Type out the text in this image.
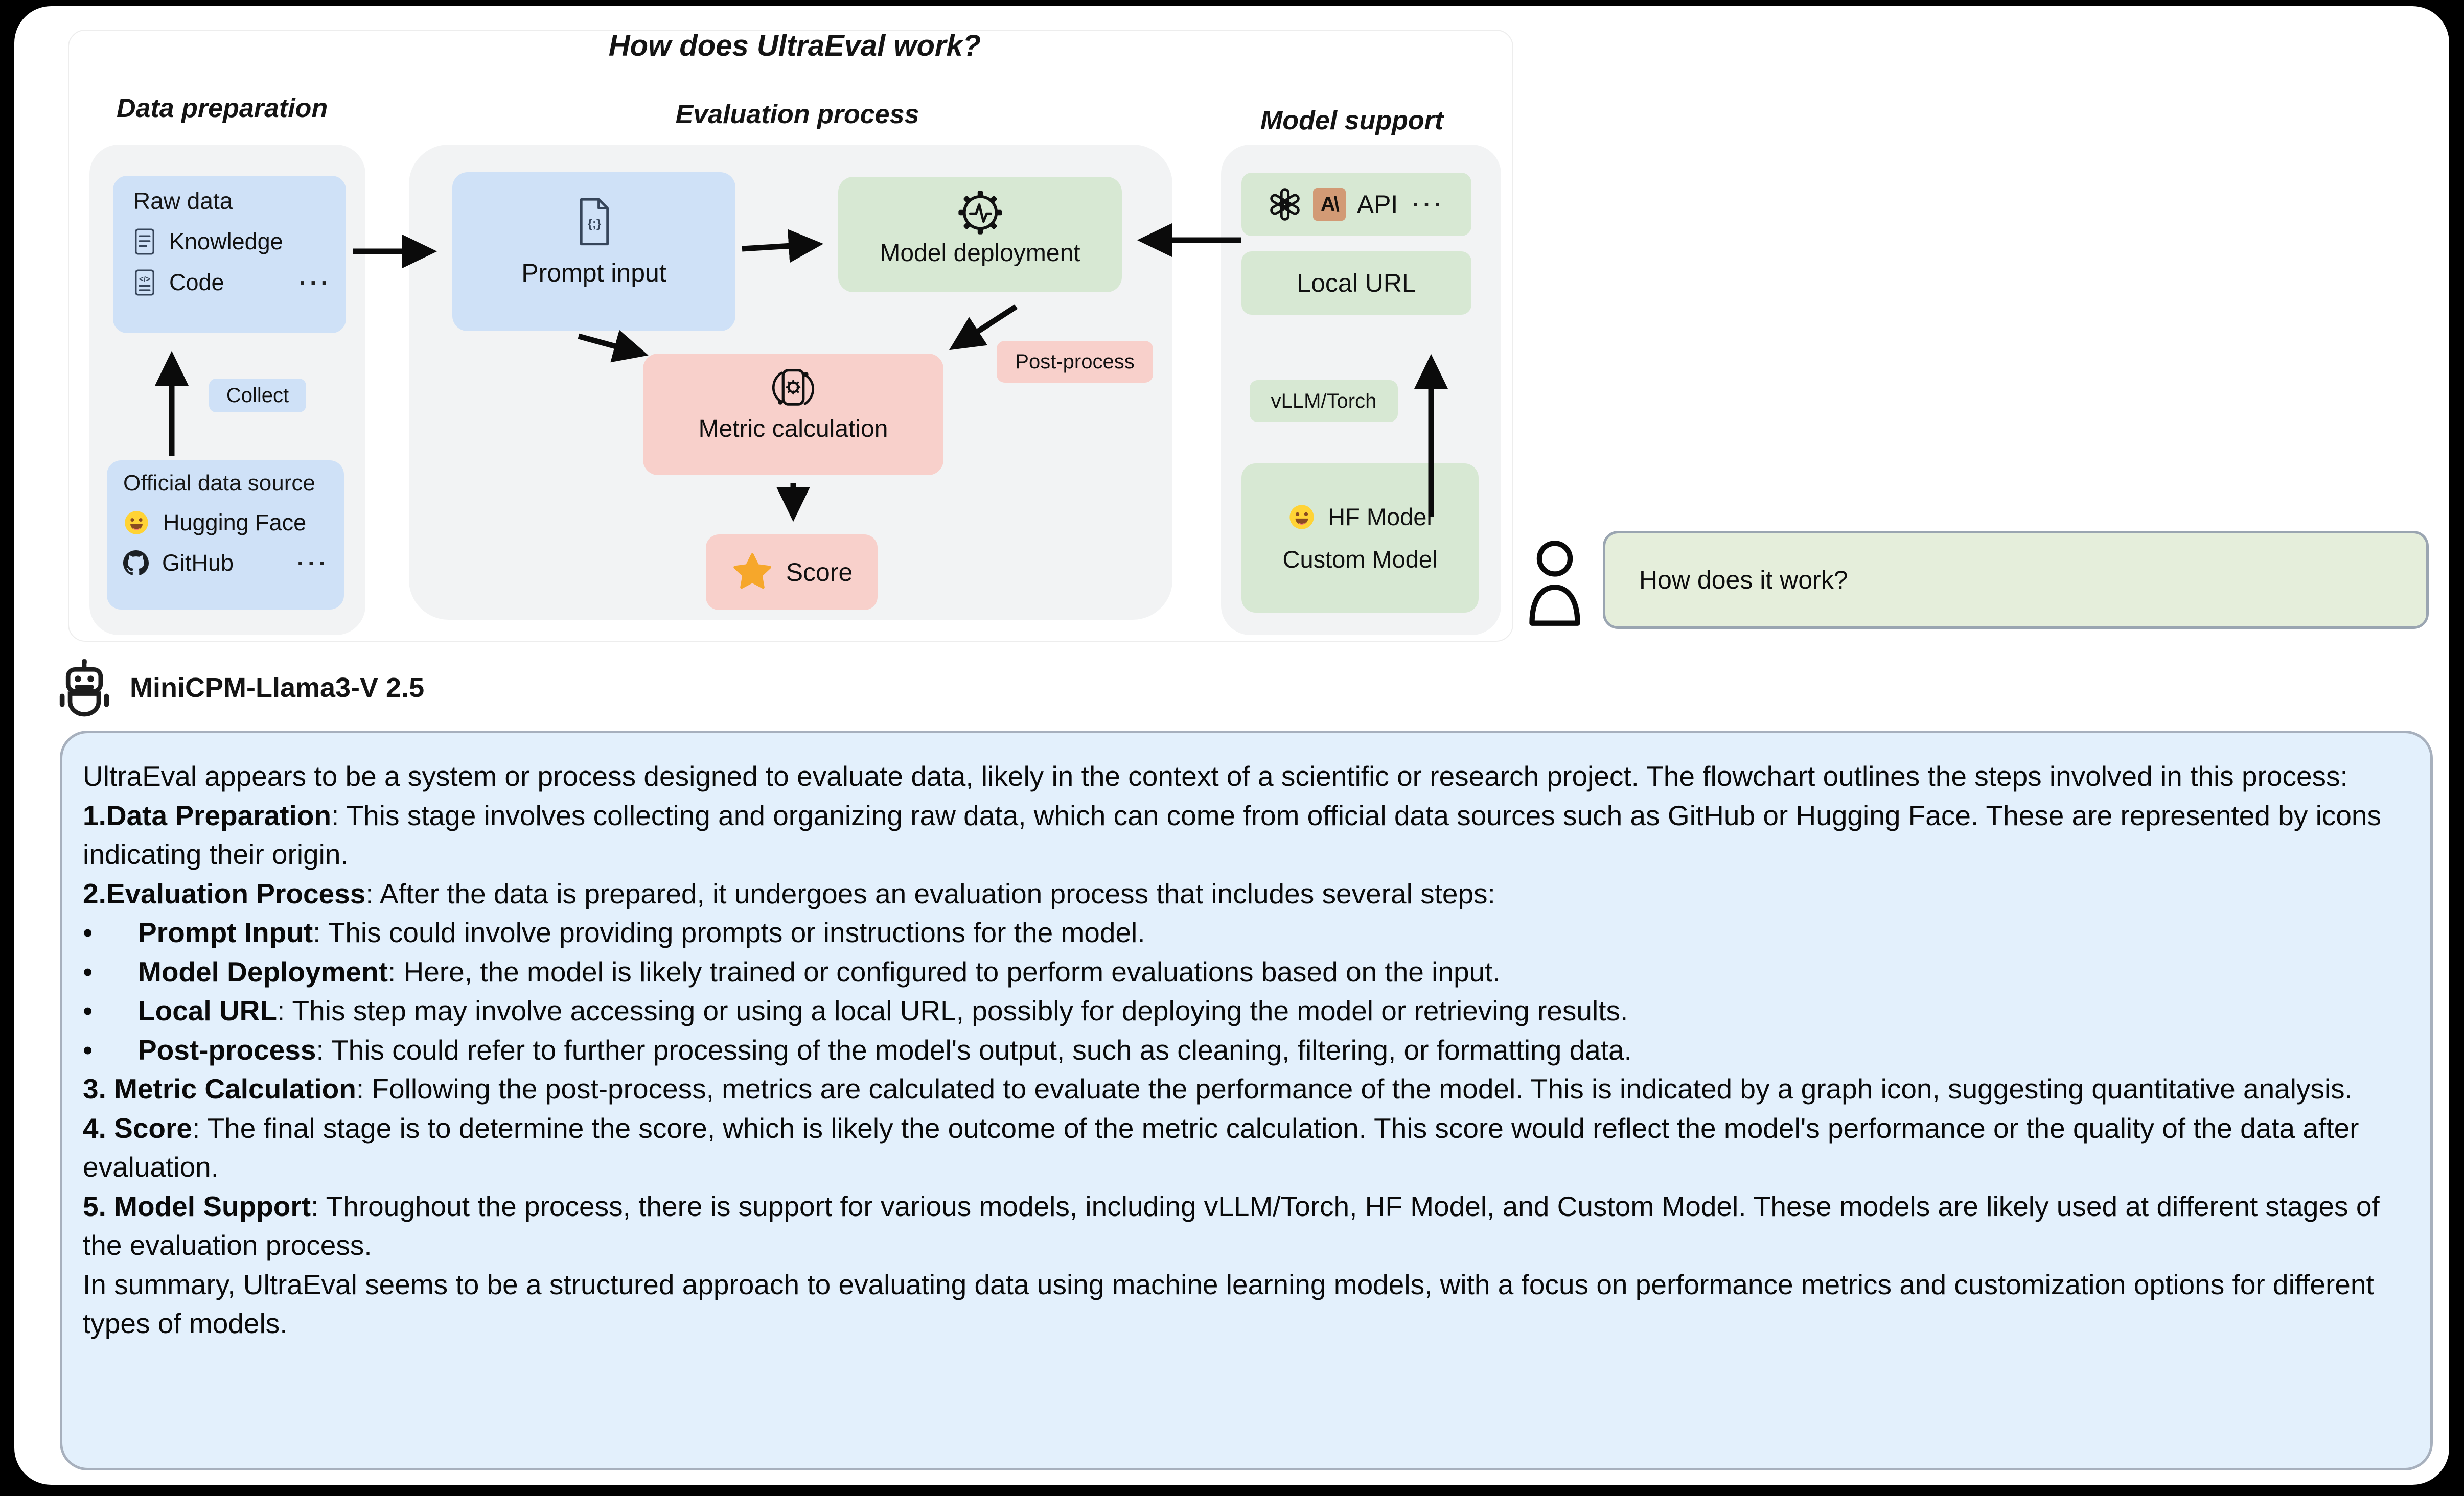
How does UltraEval work?
Data preparation	Evaluation process	Model support
Raw data
Knowledge
</> Code	···
Collect
Official data source
Hugging Face
GitHub	···
{;}
Prompt input
Model deployment
Metric calculation
Post-process
Score
A\ API ···
Local URL
vLLM/Torch
HF Model
Custom Model
How does it work?
MiniCPM-Llama3-V 2.5
UltraEval appears to be a system or process designed to evaluate data, likely in the context of a scientific or research project. The flowchart outlines the steps involved in this process:
1.Data Preparation: This stage involves collecting and organizing raw data, which can come from official data sources such as GitHub or Hugging Face. These are represented by icons indicating their origin.
2.Evaluation Process: After the data is prepared, it undergoes an evaluation process that includes several steps:
• Prompt Input: This could involve providing prompts or instructions for the model.
• Model Deployment: Here, the model is likely trained or configured to perform evaluations based on the input.
• Local URL: This step may involve accessing or using a local URL, possibly for deploying the model or retrieving results.
• Post-process: This could refer to further processing of the model's output, such as cleaning, filtering, or formatting data.
3. Metric Calculation: Following the post-process, metrics are calculated to evaluate the performance of the model. This is indicated by a graph icon, suggesting quantitative analysis.
4. Score: The final stage is to determine the score, which is likely the outcome of the metric calculation. This score would reflect the model's performance or the quality of the data after evaluation.
5. Model Support: Throughout the process, there is support for various models, including vLLM/Torch, HF Model, and Custom Model. These models are likely used at different stages of the evaluation process.
In summary, UltraEval seems to be a structured approach to evaluating data using machine learning models, with a focus on performance metrics and customization options for different types of models.
